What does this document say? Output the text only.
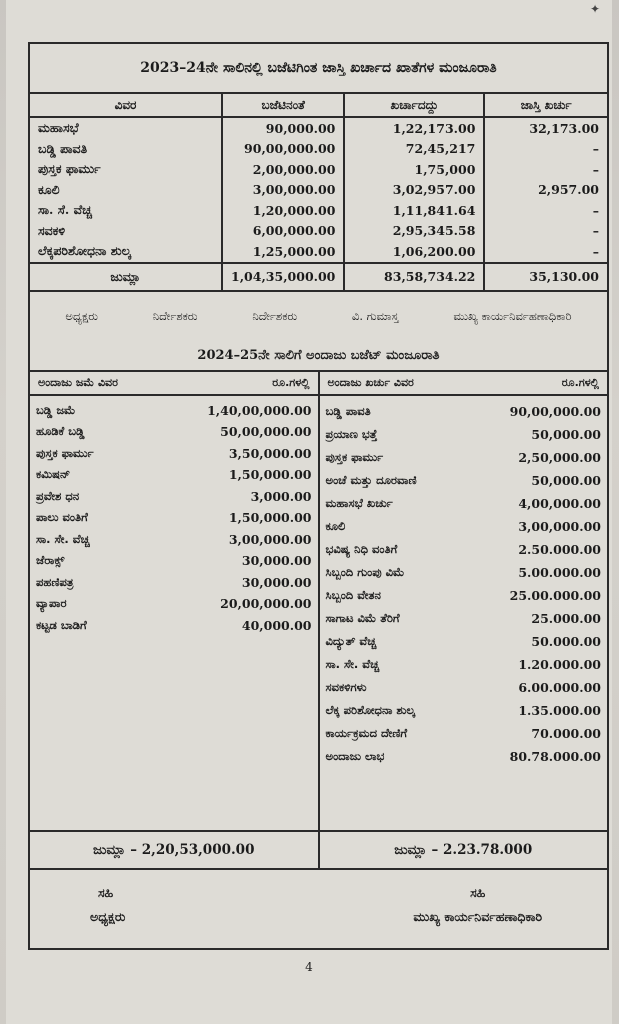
✦
2023–24ನೇ ಸಾಲಿನಲ್ಲಿ ಬಜೆಟಿಗಿಂತ ಜಾಸ್ತಿ ಖರ್ಚಾದ ಖಾತೆಗಳ ಮಂಜೂರಾತಿ
ವಿವರ	ಬಜೆಟಿನಂತೆ	ಖರ್ಚಾದದ್ದು	ಜಾಸ್ತಿ ಖರ್ಚು
ಮಹಾಸಭೆ	90,000.00	1,22,173.00	32,173.00
ಬಡ್ಡಿ ಪಾವತಿ	90,00,000.00	72,45,217	–
ಪುಸ್ತಕ ಫಾರ್ಮು	2,00,000.00	1,75,000	–
ಕೂಲಿ	3,00,000.00	3,02,957.00	2,957.00
ಸಾ. ಸೆ. ವೆಚ್ಚ	1,20,000.00	1,11,841.64	–
ಸವಕಳಿ	6,00,000.00	2,95,345.58	–
ಲೆಕ್ಕಪರಿಶೋಧನಾ ಶುಲ್ಕ	1,25,000.00	1,06,200.00	–
ಜುಮ್ಲಾ	1,04,35,000.00	83,58,734.22	35,130.00
ಅಧ್ಯಕ್ಷರು	ನಿರ್ದೇಶಕರು	ನಿರ್ದೇಶಕರು	ವಿ. ಗುಮಾಸ್ತ	ಮುಖ್ಯ ಕಾರ್ಯನಿರ್ವಹಣಾಧಿಕಾರಿ
2024–25ನೇ ಸಾಲಿಗೆ ಅಂದಾಜು ಬಜೆಟ್ ಮಂಜೂರಾತಿ
ಅಂದಾಜು ಜಮೆ ವಿವರ	ರೂ.ಗಳಲ್ಲಿ
ಬಡ್ಡಿ ಜಮೆ	1,40,00,000.00
ಹೂಡಿಕೆ ಬಡ್ಡಿ	50,00,000.00
ಪುಸ್ತಕ ಫಾರ್ಮು	3,50,000.00
ಕಮಿಷನ್	1,50,000.00
ಪ್ರವೇಶ ಧನ	3,000.00
ಪಾಲು ವಂತಿಗೆ	1,50,000.00
ಸಾ. ಸೇ. ವೆಚ್ಚ	3,00,000.00
ಜೆರಾಕ್ಸ್	30,000.00
ಪಹಣಿಪತ್ರ	30,000.00
ವ್ಯಾಪಾರ	20,00,000.00
ಕಟ್ಟಡ ಬಾಡಿಗೆ	40,000.00
ಅಂದಾಜು ಖರ್ಚು ವಿವರ	ರೂ.ಗಳಲ್ಲಿ
ಬಡ್ಡಿ ಪಾವತಿ	90,00,000.00
ಪ್ರಯಾಣ ಭತ್ತೆ	50,000.00
ಪುಸ್ತಕ ಫಾರ್ಮು	2,50,000.00
ಅಂಚೆ ಮತ್ತು ದೂರವಾಣಿ	50,000.00
ಮಹಾಸಭೆ ಖರ್ಚು	4,00,000.00
ಕೂಲಿ	3,00,000.00
ಭವಿಷ್ಯ ನಿಧಿ ವಂತಿಗೆ	2.50.000.00
ಸಿಬ್ಬಂದಿ ಗುಂಪು ವಿಮೆ	5.00.000.00
ಸಿಬ್ಬಂದಿ ವೇತನ	25.00.000.00
ಸಾಗಾಟ ವಿಮೆ ತೆರಿಗೆ	25.000.00
ವಿದ್ಯುತ್ ವೆಚ್ಚ	50.000.00
ಸಾ. ಸೇ. ವೆಚ್ಚ	1.20.000.00
ಸವಕಳಿಗಳು	6.00.000.00
ಲೆಕ್ಕ ಪರಿಶೋಧನಾ ಶುಲ್ಕ	1.35.000.00
ಕಾರ್ಯಕ್ರಮದ ದೇಣಿಗೆ	70.000.00
ಅಂದಾಜು ಲಾಭ	80.78.000.00
ಜುಮ್ಲಾ – 2,20,53,000.00	ಜುಮ್ಲಾ – 2.23.78.000
ಸಹಿ
ಅಧ್ಯಕ್ಷರು
ಸಹಿ
ಮುಖ್ಯ ಕಾರ್ಯನಿರ್ವಹಣಾಧಿಕಾರಿ
4
